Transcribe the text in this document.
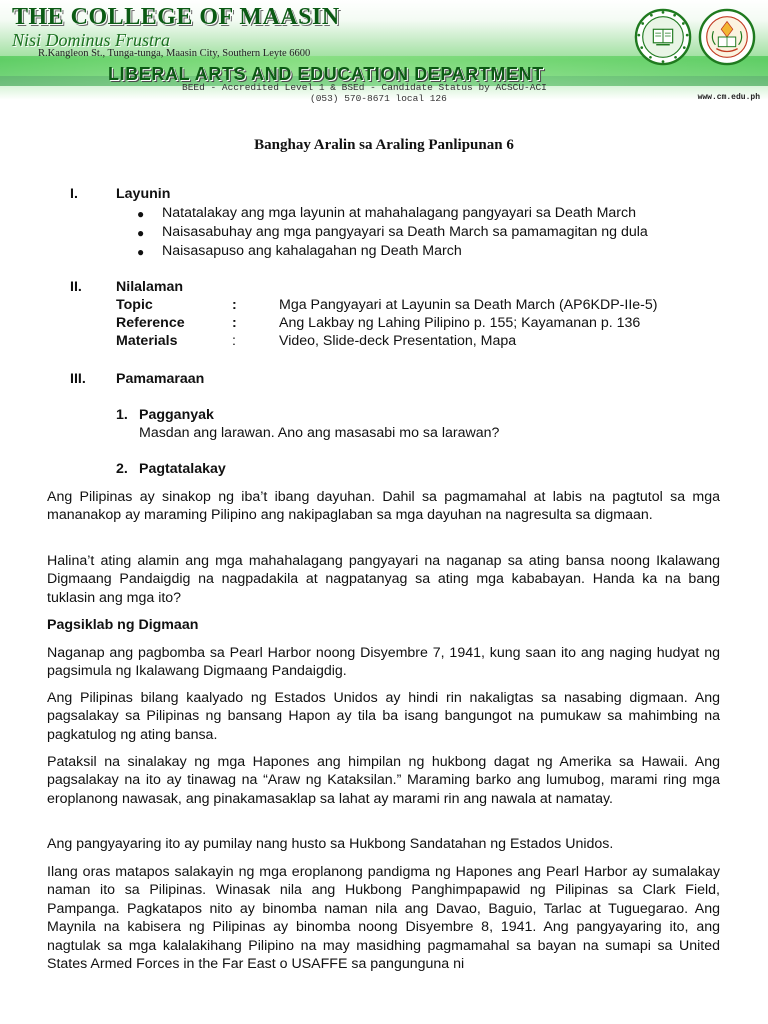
THE COLLEGE OF MAASIN
Nisi Dominus Frustra
R.Kangleon St., Tunga-tunga, Maasin City, Southern Leyte 6600
LIBERAL ARTS AND EDUCATION DEPARTMENT
BEEd - Accredited Level 1 & BSEd - Candidate Status by ACSCU-ACI
(053) 570-8671 local 126	www.cm.edu.ph
Banghay Aralin sa Araling Panlipunan 6
I.	Layunin
● Natatalakay ang mga layunin at mahahalagang pangyayari sa Death March
● Naisasabuhay ang mga pangyayari sa Death March sa pamamagitan ng dula
● Naisasapuso ang kahalagahan ng Death March
II. Nilalaman
Topic	:	Mga Pangyayari at Layunin sa Death March (AP6KDP-IIe-5)
Reference	:	Ang Lakbay ng Lahing Pilipino p. 155; Kayamanan p. 136
Materials	:	Video, Slide-deck Presentation, Mapa
III. Pamamaraan
1. Pagganyak
Masdan ang larawan. Ano ang masasabi mo sa larawan?
2. Pagtatalakay
Ang Pilipinas ay sinakop ng iba’t ibang dayuhan. Dahil sa pagmamahal at labis na pagtutol sa mga mananakop ay maraming Pilipino ang nakipaglaban sa mga dayuhan na nagresulta sa digmaan.
Halina’t ating alamin ang mga mahahalagang pangyayari na naganap sa ating bansa noong Ikalawang Digmaang Pandaigdig na nagpadakila at nagpatanyag sa ating mga kababayan. Handa ka na bang tuklasin ang mga ito?
Pagsiklab ng Digmaan
Naganap ang pagbomba sa Pearl Harbor noong Disyembre 7, 1941, kung saan ito ang naging hudyat ng pagsimula ng Ikalawang Digmaang Pandaigdig.
Ang Pilipinas bilang kaalyado ng Estados Unidos ay hindi rin nakaligtas sa nasabing digmaan. Ang pagsalakay sa Pilipinas ng bansang Hapon ay tila ba isang bangungot na pumukaw sa mahimbing na pagkatulog ng ating bansa.
Pataksil na sinalakay ng mga Hapones ang himpilan ng hukbong dagat ng Amerika sa Hawaii. Ang pagsalakay na ito ay tinawag na “Araw ng Kataksilan.” Maraming barko ang lumubog, marami ring mga eroplanong nawasak, ang pinakamasaklap sa lahat ay marami rin ang nawala at namatay.
Ang pangyayaring ito ay pumilay nang husto sa Hukbong Sandatahan ng Estados Unidos.
Ilang oras matapos salakayin ng mga eroplanong pandigma ng Hapones ang Pearl Harbor ay sumalakay naman ito sa Pilipinas. Winasak nila ang Hukbong Panghimpapawid ng Pilipinas sa Clark Field, Pampanga. Pagkatapos nito ay binomba naman nila ang Davao, Baguio, Tarlac at Tuguegarao. Ang Maynila na kabisera ng Pilipinas ay binomba noong Disyembre 8, 1941. Ang pangyayaring ito, ang nagtulak sa mga kalalakihang Pilipino na may masidhing pagmamahal sa bayan na sumapi sa United States Armed Forces in the Far East o USAFFE sa pangunguna ni
